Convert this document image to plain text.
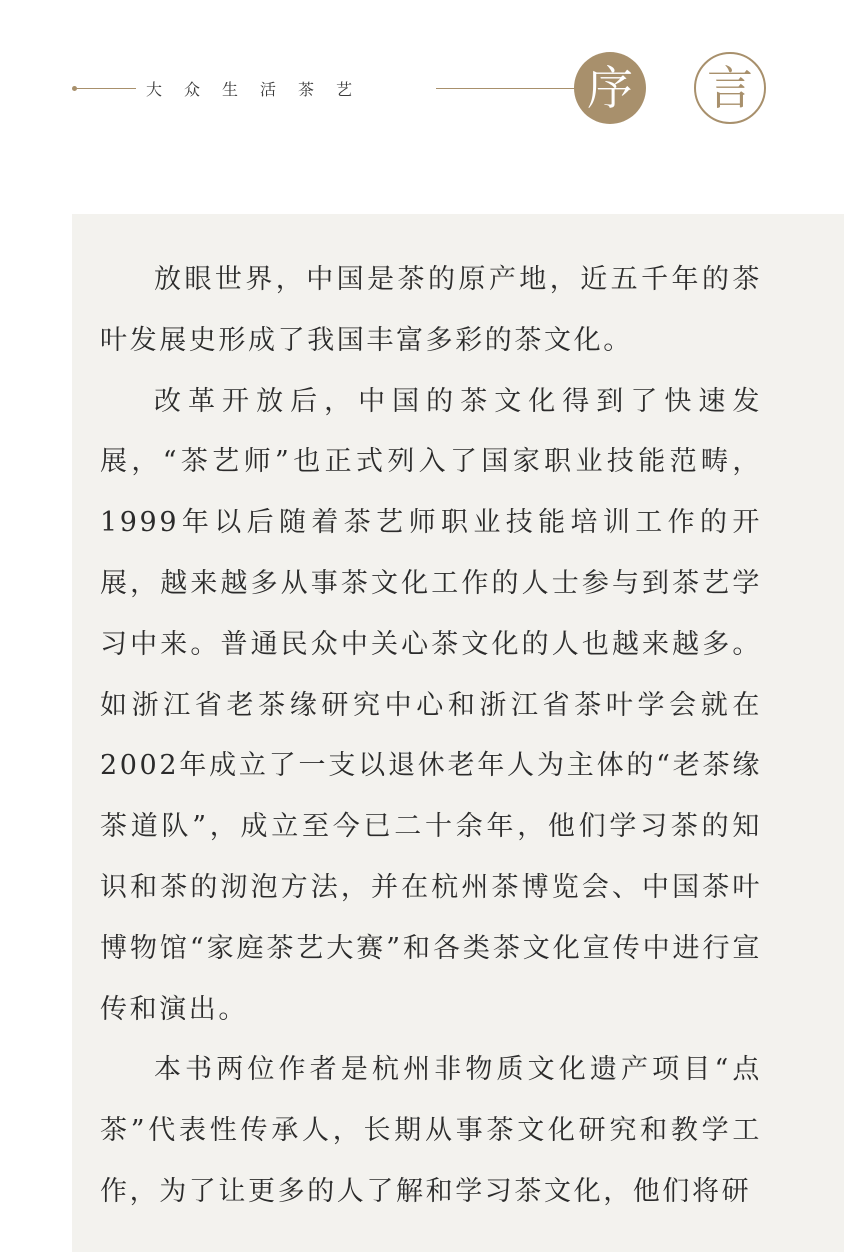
大众生活茶艺	序 言

放眼世界，中国是茶的原产地，近五千年的茶叶发展史形成了我国丰富多彩的茶文化。

改革开放后，中国的茶文化得到了快速发展，“茶艺师”也正式列入了国家职业技能范畴，1999年以后随着茶艺师职业技能培训工作的开展，越来越多从事茶文化工作的人士参与到茶艺学习中来。普通民众中关心茶文化的人也越来越多。如浙江省老茶缘研究中心和浙江省茶叶学会就在2002年成立了一支以退休老年人为主体的“老茶缘茶道队”，成立至今已二十余年，他们学习茶的知识和茶的沏泡方法，并在杭州茶博览会、中国茶叶博物馆“家庭茶艺大赛”和各类茶文化宣传中进行宣传和演出。

本书两位作者是杭州非物质文化遗产项目“点茶”代表性传承人，长期从事茶文化研究和教学工作，为了让更多的人了解和学习茶文化，他们将研
